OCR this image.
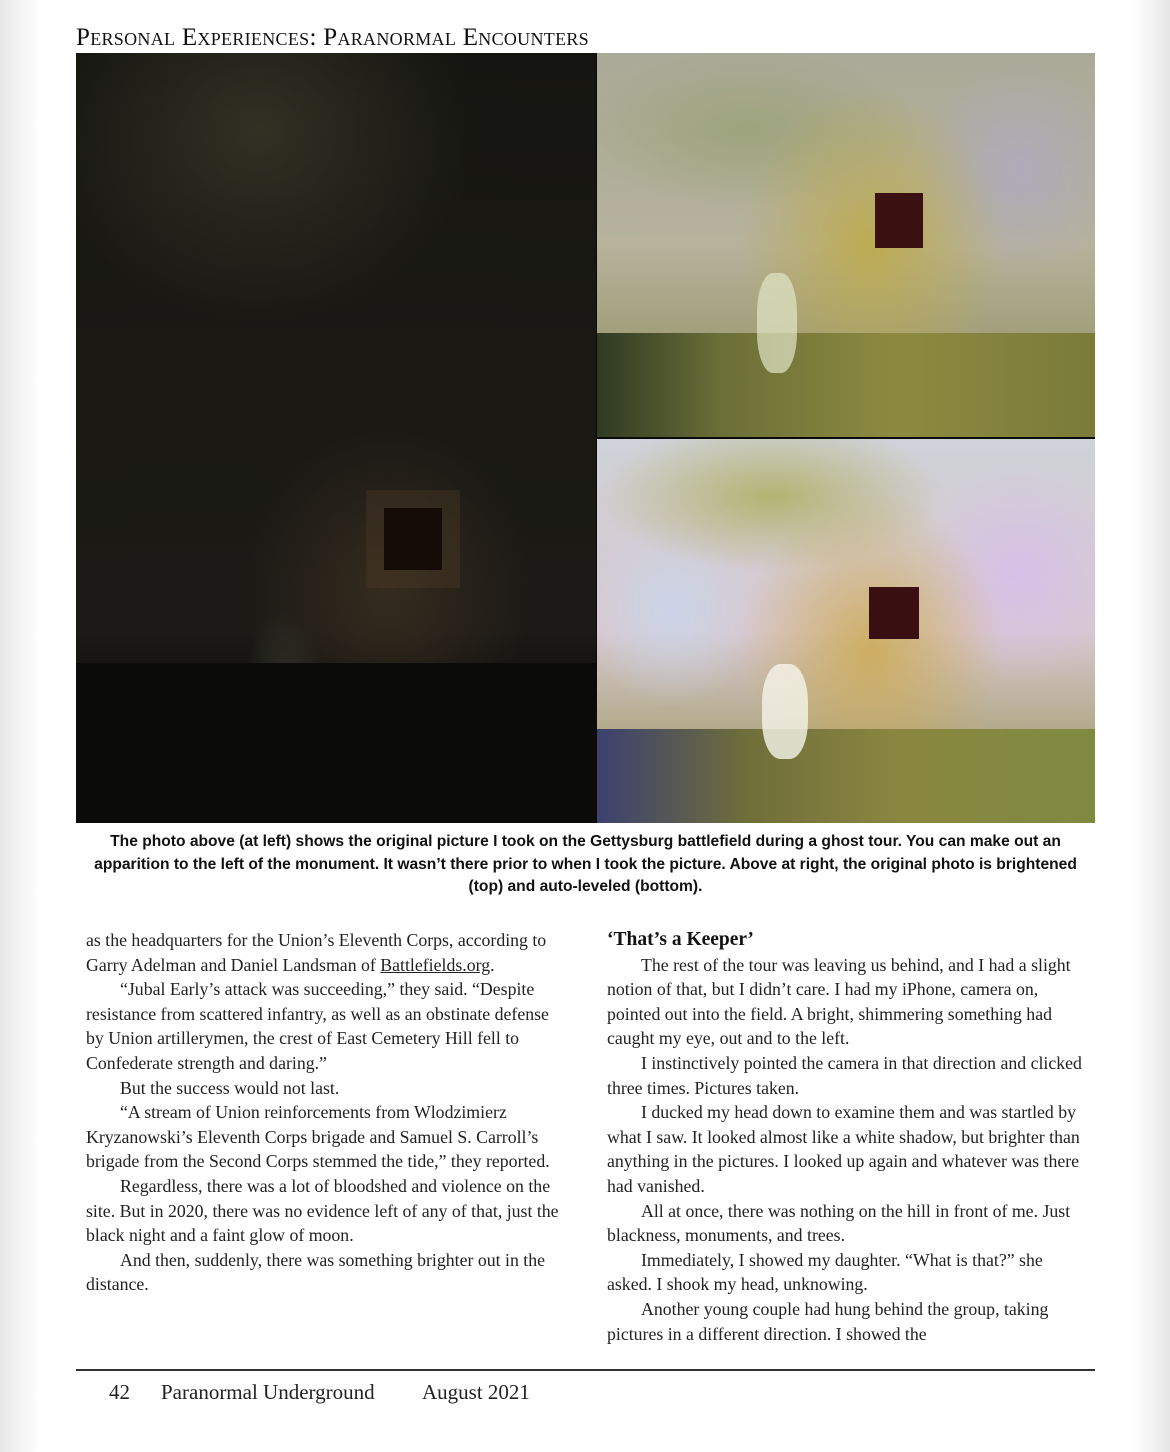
Personal Experiences: Paranormal Encounters
The photo above (at left) shows the original picture I took on the Gettysburg battlefield during a ghost tour. You can make out an apparition to the left of the monument. It wasn’t there prior to when I took the picture. Above at right, the original photo is brightened (top) and auto-leveled (bottom).

as the headquarters for the Union’s Eleventh Corps, according to Garry Adelman and Daniel Landsman of Battlefields.org.

“Jubal Early’s attack was succeeding,” they said. “Despite resistance from scattered infantry, as well as an obstinate defense by Union artillerymen, the crest of East Cemetery Hill fell to Confederate strength and daring.”

But the success would not last.

“A stream of Union reinforcements from Wlodzimierz Kryzanowski’s Eleventh Corps brigade and Samuel S. Carroll’s brigade from the Second Corps stemmed the tide,” they reported.

Regardless, there was a lot of bloodshed and violence on the site. But in 2020, there was no evidence left of any of that, just the black night and a faint glow of moon.

And then, suddenly, there was something brighter out in the distance.

‘That’s a Keeper’

The rest of the tour was leaving us behind, and I had a slight notion of that, but I didn’t care. I had my iPhone, camera on, pointed out into the field. A bright, shimmering something had caught my eye, out and to the left.

I instinctively pointed the camera in that direction and clicked three times. Pictures taken.

I ducked my head down to examine them and was startled by what I saw. It looked almost like a white shadow, but brighter than anything in the pictures. I looked up again and whatever was there had vanished.

All at once, there was nothing on the hill in front of me. Just blackness, monuments, and trees.

Immediately, I showed my daughter. “What is that?” she asked. I shook my head, unknowing.

Another young couple had hung behind the group, taking pictures in a different direction. I showed the

42 Paranormal Underground August 2021
